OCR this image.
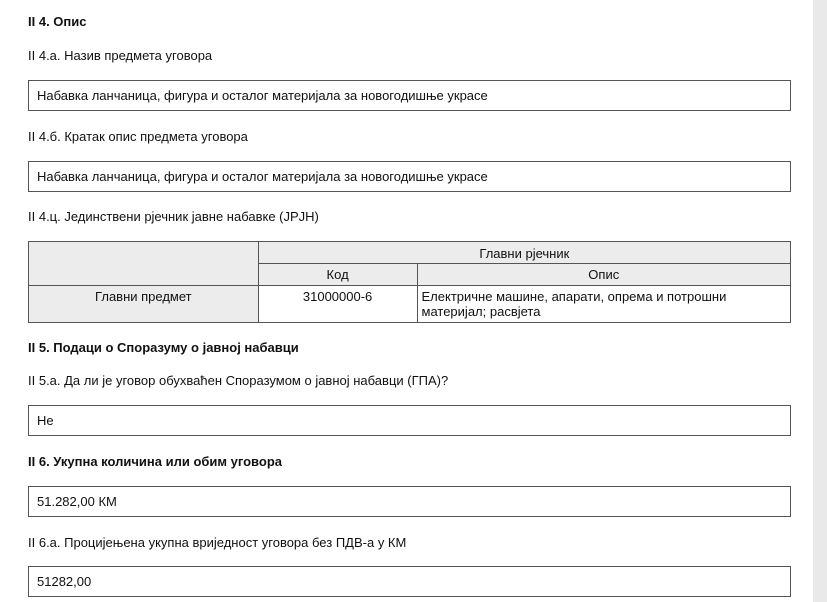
II 4. Опис
II 4.a. Назив предмета уговора
Набавка ланчаница, фигура и осталог материјала за новогодишње украсе
II 4.б. Кратак опис предмета уговора
Набавка ланчаница, фигура и осталог материјала за новогодишње украсе
II 4.ц. Јединствени рјечник јавне набавке (ЈРЈН)
	Главни рјечник	
	Код	Опис
Главни предмет	31000000-6	Електричне машине, апарати, опрема и потрошни материјал; расвјета
II 5. Подаци о Споразуму о јавној набавци
II 5.a. Да ли је уговор обухваћен Споразумом о јавној набавци (ГПА)?
Не
II 6. Укупна количина или обим уговора
51.282,00 КМ
II 6.a. Процијењена укупна вриједност уговора без ПДВ-а у КМ
51282,00
